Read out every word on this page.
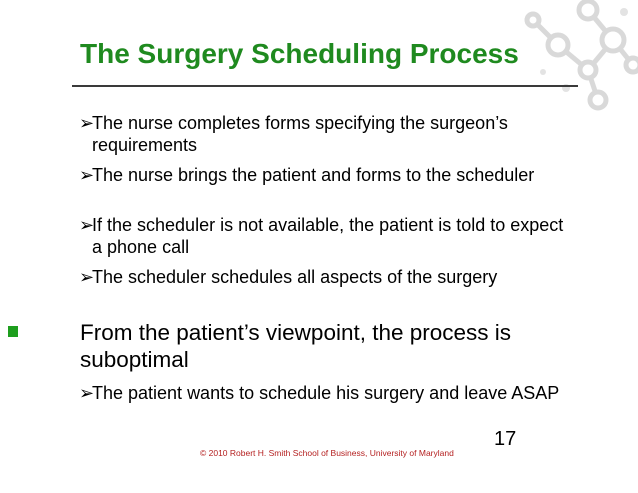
The Surgery Scheduling Process
➢
The nurse completes forms specifying the surgeon’s requirements
➢
The nurse brings the patient and forms to the scheduler
➢
If the scheduler is not available, the patient is told to expect a phone call
➢
The scheduler schedules all aspects of the surgery
From the patient’s viewpoint, the process is suboptimal
➢
The patient wants to schedule his surgery and leave ASAP
17
© 2010 Robert H. Smith School of Business, University of Maryland
